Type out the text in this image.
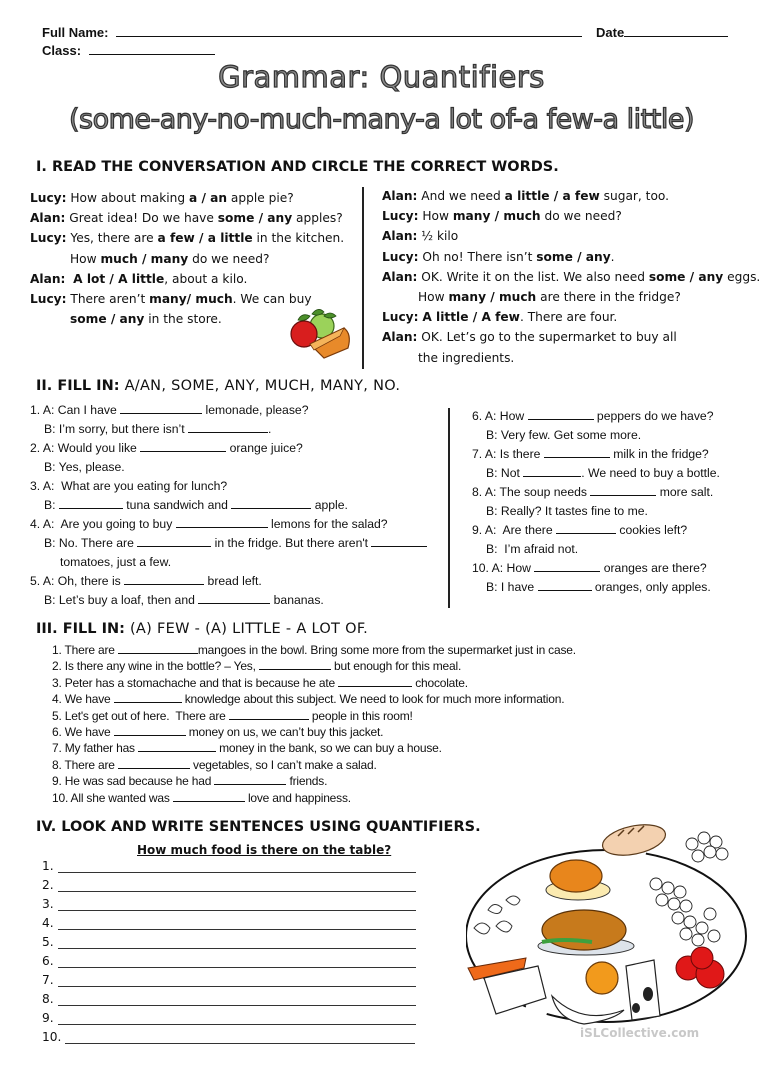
Full Name:	Date
Class:
Grammar: Quantifiers
(some-any-no-much-many-a lot of-a few-a little)
I. READ THE CONVERSATION AND CIRCLE THE CORRECT WORDS.
Lucy: How about making a / an apple pie?
Alan: Great idea! Do we have some / any apples?
Lucy: Yes, there are a few / a little in the kitchen.
How much / many do we need?
Alan: A lot / A little, about a kilo.
Lucy: There aren’t many/ much. We can buy
some / any in the store.
Alan: And we need a little / a few sugar, too.
Lucy: How many / much do we need?
Alan: ½ kilo
Lucy: Oh no! There isn’t some / any.
Alan: OK. Write it on the list. We also need some / any eggs.
How many / much are there in the fridge?
Lucy: A little / A few. There are four.
Alan: OK. Let’s go to the supermarket to buy all
the ingredients.
II. FILL IN: A/AN, SOME, ANY, MUCH, MANY, NO.
1. A: Can I have	lemonade, please?
B: I’m sorry, but there isn’t	.
2. A: Would you like	orange juice?
B: Yes, please.
3. A:  What are you eating for lunch?
B:	tuna sandwich and	apple.
4. A:  Are you going to buy	lemons for the salad?
B: No. There are	in the fridge. But there aren't
tomatoes, just a few.
5. A: Oh, there is	bread left.
B: Let’s buy a loaf, then and	bananas.
6. A: How	peppers do we have?
B: Very few. Get some more.
7. A: Is there	milk in the fridge?
B: Not	. We need to buy a bottle.
8. A: The soup needs	more salt.
B: Really? It tastes fine to me.
9. A:  Are there	cookies left?
B:  I’m afraid not.
10. A: How	oranges are there?
B: I have	oranges, only apples.
III. FILL IN: (A) FEW - (A) LITTLE - A LOT OF.
1. There are	mangoes in the bowl. Bring some more from the supermarket just in case.
2. Is there any wine in the bottle? – Yes,	but enough for this meal.
3. Peter has a stomachache and that is because he ate	chocolate.
4. We have	knowledge about this subject. We need to look for much more information.
5. Let's get out of here.  There are	people in this room!
6. We have	money on us, we can’t buy this jacket.
7. My father has	money in the bank, so we can buy a house.
8. There are	vegetables, so I can’t make a salad.
9. He was sad because he had	friends.
10. All she wanted was	love and happiness.
IV. LOOK AND WRITE SENTENCES USING QUANTIFIERS.
How much food is there on the table?
1.
2.
3.
4.
5.
6.
7.
8.
9.
10.	iSLCollective.com
